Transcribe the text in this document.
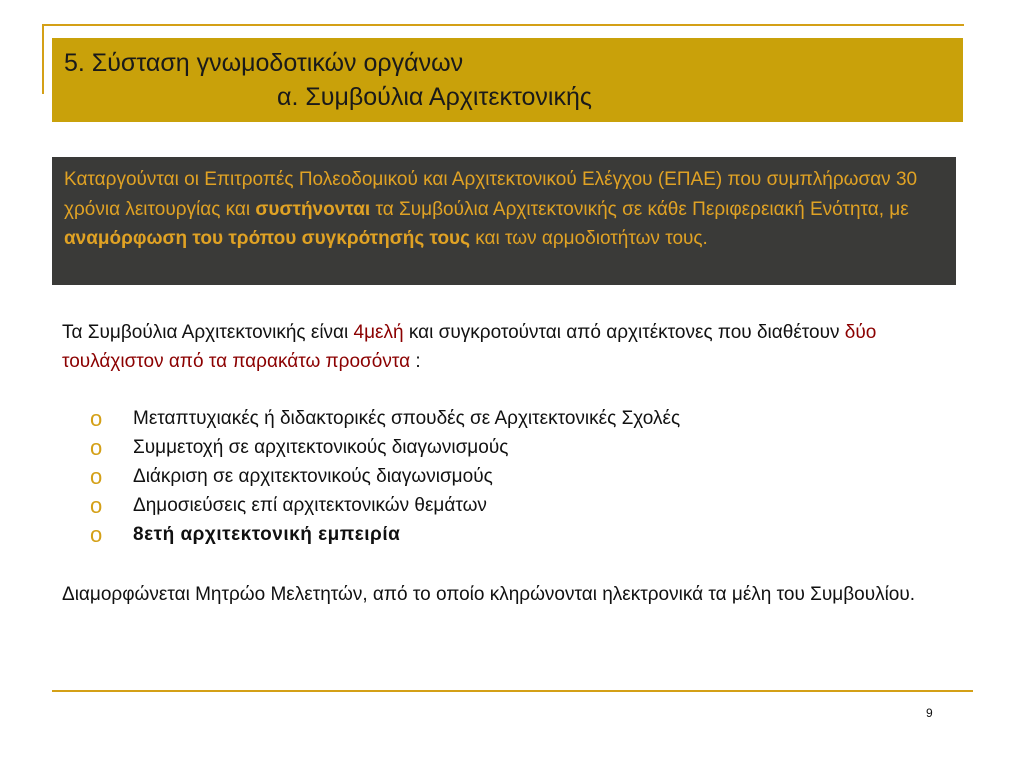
5. Σύσταση γνωμοδοτικών οργάνων
α. Συμβούλια Αρχιτεκτονικής
Καταργούνται οι Επιτροπές Πολεοδομικού και Αρχιτεκτονικού Ελέγχου (ΕΠΑΕ) που συμπλήρωσαν 30 χρόνια λειτουργίας και συστήνονται τα Συμβούλια Αρχιτεκτονικής σε κάθε Περιφερειακή Ενότητα, με αναμόρφωση του τρόπου συγκρότησής τους και των αρμοδιοτήτων τους.
Τα Συμβούλια Αρχιτεκτονικής είναι 4μελή και συγκροτούνται από αρχιτέκτονες που διαθέτουν δύο τουλάχιστον από τα παρακάτω προσόντα :
o Μεταπτυχιακές ή διδακτορικές σπουδές σε Αρχιτεκτονικές Σχολές
o Συμμετοχή σε αρχιτεκτονικούς διαγωνισμούς
o Διάκριση σε αρχιτεκτονικούς διαγωνισμούς
o Δημοσιεύσεις επί αρχιτεκτονικών θεμάτων
o 8ετή αρχιτεκτονική εμπειρία
Διαμορφώνεται Μητρώο Μελετητών, από το οποίο κληρώνονται ηλεκτρονικά τα μέλη του Συμβουλίου.
9
